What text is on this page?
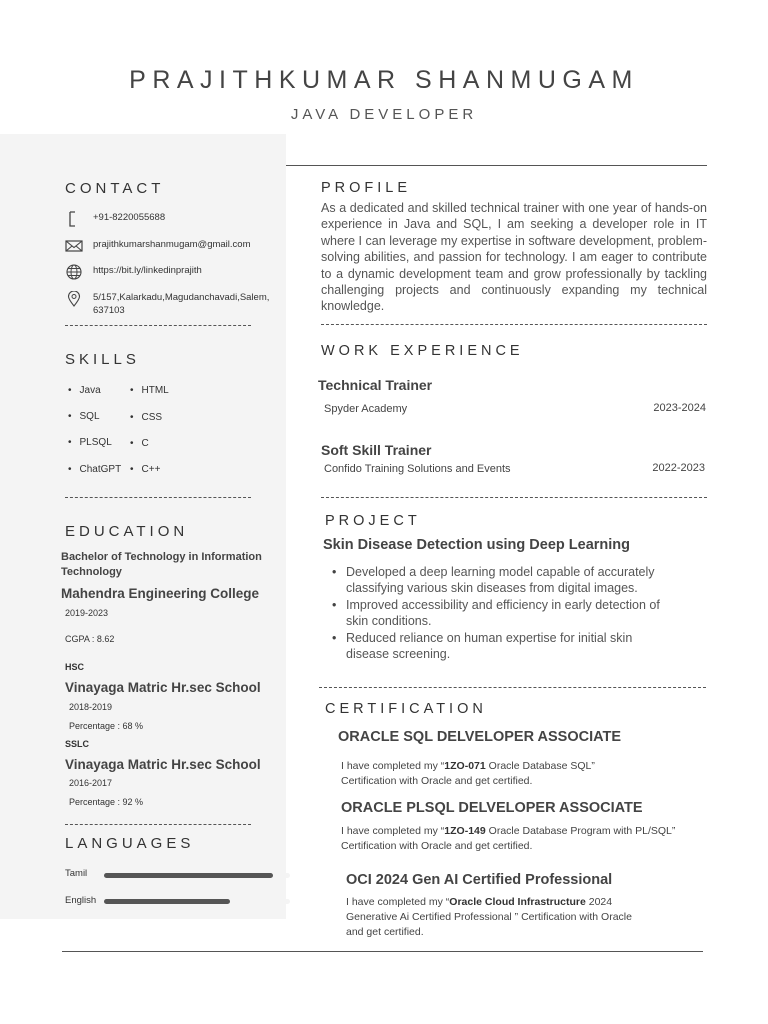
PRAJITHKUMAR SHANMUGAM
JAVA DEVELOPER
CONTACT
+91-8220055688
prajithkumarshanmugam@gmail.com
https://bit.ly/linkedinprajith
5/157,Kalarkadu,Magudanchavadi,Salem, 637103
SKILLS
• Java
• SQL
• PLSQL
• ChatGPT
• HTML
• CSS
• C
• C++
EDUCATION
Bachelor of Technology in Information Technology
Mahendra Engineering College
2019-2023
CGPA : 8.62
HSC
Vinayaga Matric Hr.sec School
2018-2019
Percentage : 68 %
SSLC
Vinayaga Matric Hr.sec School
2016-2017
Percentage : 92 %
LANGUAGES
Tamil
English
PROFILE
As a dedicated and skilled technical trainer with one year of hands-on experience in Java and SQL, I am seeking a developer role in IT where I can leverage my expertise in software development, problem-solving abilities, and passion for technology. I am eager to contribute to a dynamic development team and grow professionally by tackling challenging projects and continuously expanding my technical knowledge.
WORK EXPERIENCE
Technical Trainer
Spyder Academy	2023-2024
Soft Skill Trainer
Confido Training Solutions and Events	2022-2023
PROJECT
Skin Disease Detection using Deep Learning
• Developed a deep learning model capable of accurately classifying various skin diseases from digital images.
• Improved accessibility and efficiency in early detection of skin conditions.
• Reduced reliance on human expertise for initial skin disease screening.
CERTIFICATION
ORACLE SQL DELVELOPER ASSOCIATE
I have completed my “1ZO-071 Oracle Database SQL” Certification with Oracle and get certified.
ORACLE PLSQL DELVELOPER ASSOCIATE
I have completed my “1ZO-149 Oracle Database Program with PL/SQL” Certification with Oracle and get certified.
OCI 2024 Gen AI Certified Professional
I have completed my “Oracle Cloud Infrastructure 2024 Generative Ai Certified Professional ” Certification with Oracle and get certified.
